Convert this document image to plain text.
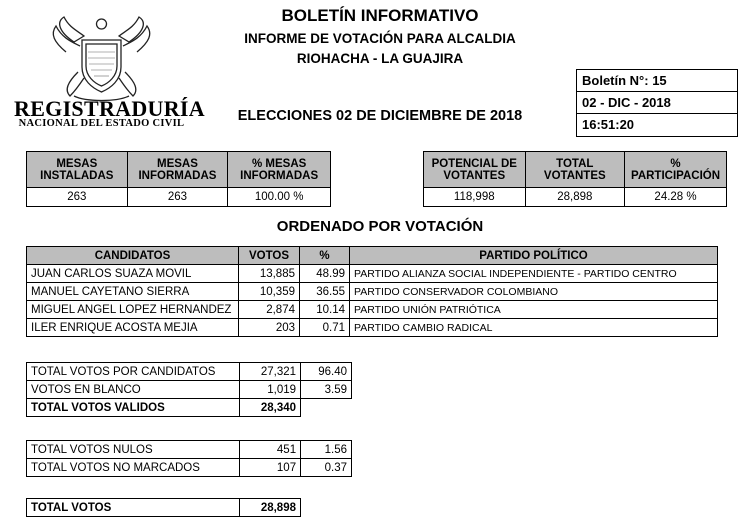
REGISTRADURÍA
NACIONAL DEL ESTADO CIVIL
BOLETÍN INFORMATIVO
INFORME DE VOTACIÓN PARA ALCALDIA
RIOHACHA - LA GUAJIRA
ELECCIONES 02 DE DICIEMBRE DE 2018
Boletín N°: 15
02 - DIC - 2018
16:51:20
MESAS INSTALADAS	MESAS INFORMADAS	% MESAS INFORMADAS
263	263	100.00 %
POTENCIAL DE VOTANTES	TOTAL VOTANTES	% PARTICIPACIÓN
118,998	28,898	24.28 %
ORDENADO POR VOTACIÓN
CANDIDATOS	VOTOS	%	PARTIDO POLÍTICO
JUAN CARLOS SUAZA MOVIL	13,885	48.99	PARTIDO ALIANZA SOCIAL INDEPENDIENTE - PARTIDO CENTRO
MANUEL CAYETANO SIERRA	10,359	36.55	PARTIDO CONSERVADOR COLOMBIANO
MIGUEL ANGEL LOPEZ HERNANDEZ	2,874	10.14	PARTIDO UNIÓN PATRIÓTICA
ILER ENRIQUE ACOSTA MEJIA	203	0.71	PARTIDO CAMBIO RADICAL
TOTAL VOTOS POR CANDIDATOS	27,321	96.40
VOTOS EN BLANCO	1,019	3.59
TOTAL VOTOS VALIDOS	28,340	
TOTAL VOTOS NULOS	451	1.56
TOTAL VOTOS NO MARCADOS	107	0.37
TOTAL VOTOS	28,898
